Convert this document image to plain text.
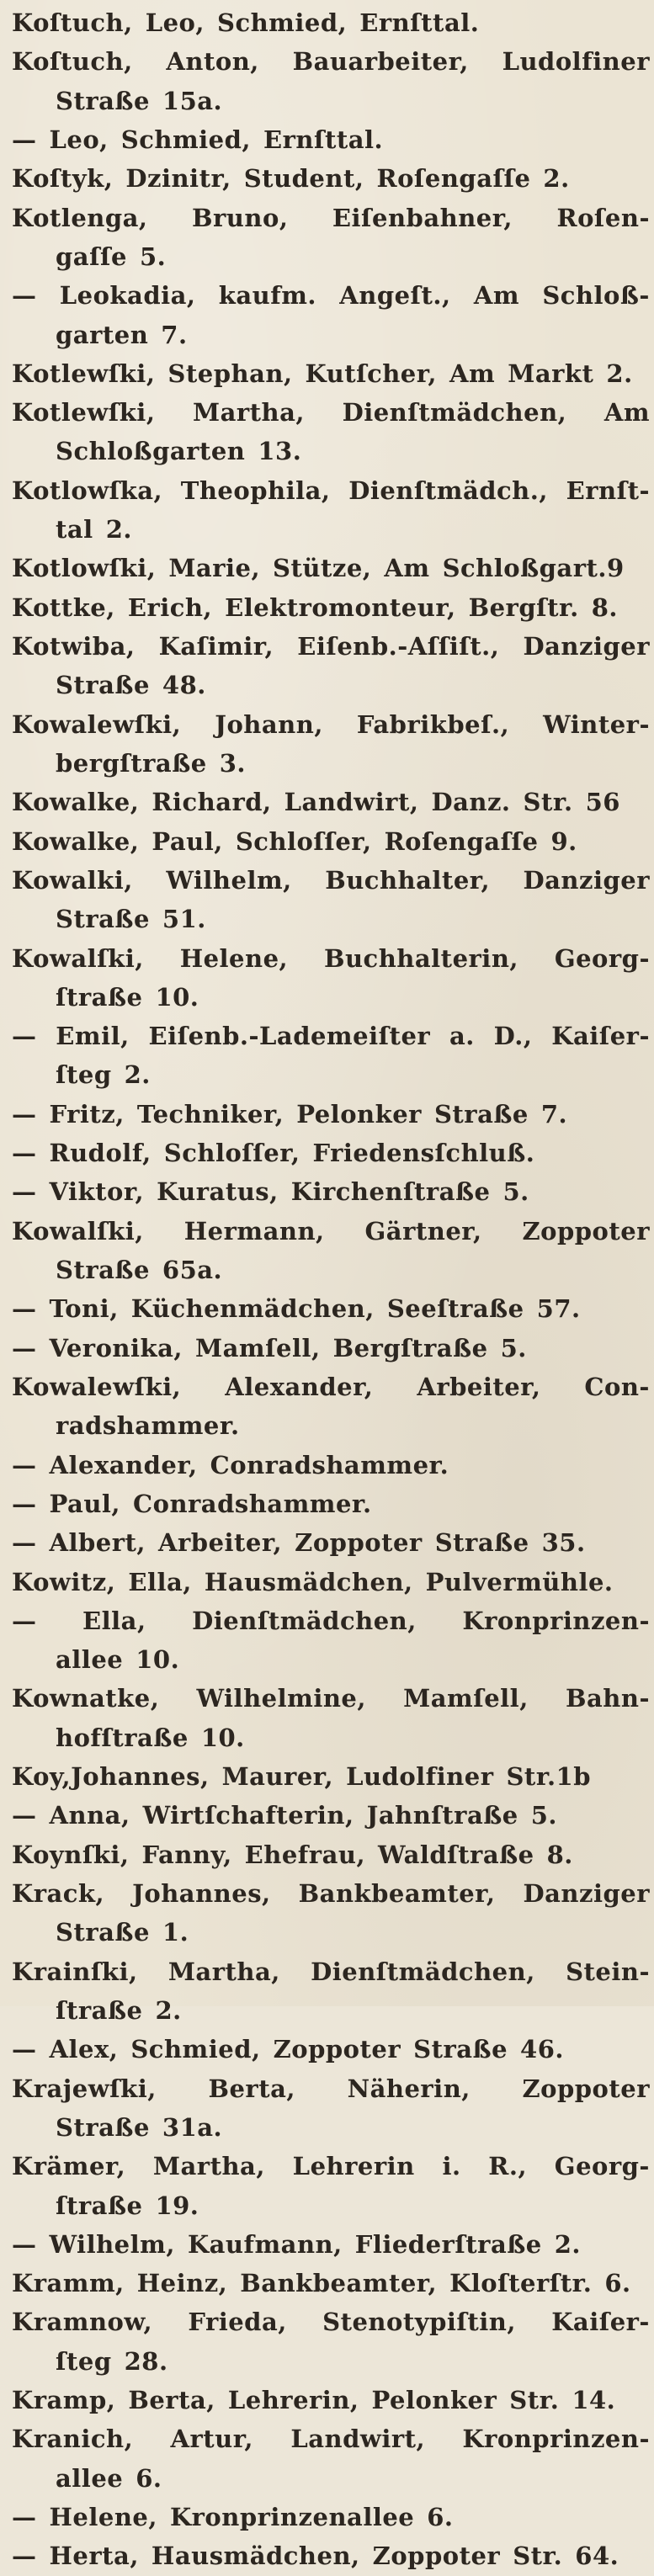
Koſtuch, Leo, Schmied, Ernſttal.
Koſtuch, Anton, Bauarbeiter, Ludolfiner
Straße 15a.
— Leo, Schmied, Ernſttal.
Koſtyk, Dzinitr, Student, Roſengaſſe 2.
Kotlenga, Bruno, Eiſenbahner, Roſen-
gaſſe 5.
— Leokadia, kaufm. Angeſt., Am Schloß-
garten 7.
Kotlewſki, Stephan, Kutſcher, Am Markt 2.
Kotlewſki, Martha, Dienſtmädchen, Am
Schloßgarten 13.
Kotlowſka, Theophila, Dienſtmädch., Ernſt-
tal 2.
Kotlowſki, Marie, Stütze, Am Schloßgart.9
Kottke, Erich, Elektromonteur, Bergſtr. 8.
Kotwiba, Kaſimir, Eiſenb.-Aſſiſt., Danziger
Straße 48.
Kowalewſki, Johann, Fabrikbeſ., Winter-
bergſtraße 3.
Kowalke, Richard, Landwirt, Danz. Str. 56
Kowalke, Paul, Schloſſer, Roſengaſſe 9.
Kowalki, Wilhelm, Buchhalter, Danziger
Straße 51.
Kowalſki, Helene, Buchhalterin, Georg-
ſtraße 10.
— Emil, Eiſenb.-Lademeiſter a. D., Kaiſer-
ſteg 2.
— Fritz, Techniker, Pelonker Straße 7.
— Rudolf, Schloſſer, Friedensſchluß.
— Viktor, Kuratus, Kirchenſtraße 5.
Kowalſki, Hermann, Gärtner, Zoppoter
Straße 65a.
— Toni, Küchenmädchen, Seeſtraße 57.
— Veronika, Mamſell, Bergſtraße 5.
Kowalewſki, Alexander, Arbeiter, Con-
radshammer.
— Alexander, Conradshammer.
— Paul, Conradshammer.
— Albert, Arbeiter, Zoppoter Straße 35.
Kowitz, Ella, Hausmädchen, Pulvermühle.
— Ella, Dienſtmädchen, Kronprinzen-
allee 10.
Kownatke, Wilhelmine, Mamſell, Bahn-
hofſtraße 10.
Koy,Johannes, Maurer, Ludolfiner Str.1b
— Anna, Wirtſchafterin, Jahnſtraße 5.
Koynſki, Fanny, Ehefrau, Waldſtraße 8.
Krack, Johannes, Bankbeamter, Danziger
Straße 1.
Krainſki, Martha, Dienſtmädchen, Stein-
ſtraße 2.
— Alex, Schmied, Zoppoter Straße 46.
Krajewſki, Berta, Näherin, Zoppoter
Straße 31a.
Krämer, Martha, Lehrerin i. R., Georg-
ſtraße 19.
— Wilhelm, Kaufmann, Fliederſtraße 2.
Kramm, Heinz, Bankbeamter, Kloſterſtr. 6.
Kramnow, Frieda, Stenotypiſtin, Kaiſer-
ſteg 28.
Kramp, Berta, Lehrerin, Pelonker Str. 14.
Kranich, Artur, Landwirt, Kronprinzen-
allee 6.
— Helene, Kronprinzenallee 6.
— Herta, Hausmädchen, Zoppoter Str. 64.
